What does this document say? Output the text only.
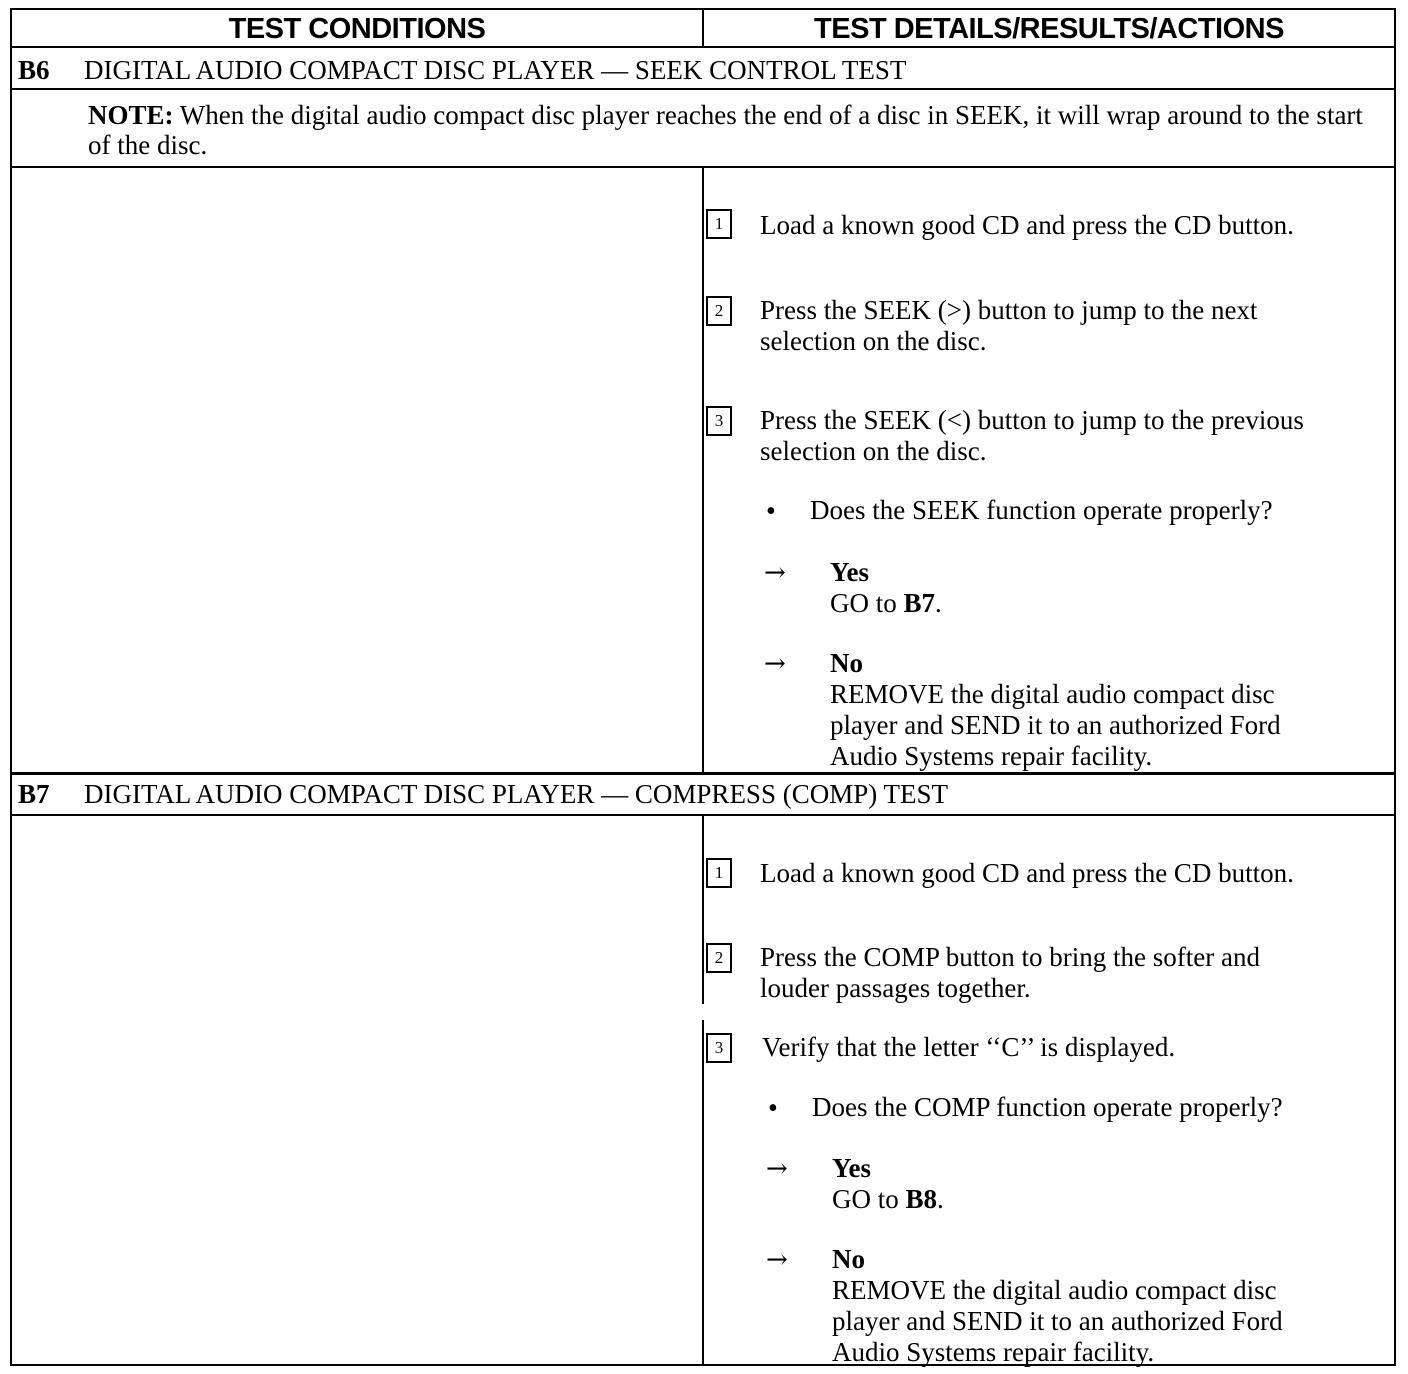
TEST CONDITIONS	TEST DETAILS/RESULTS/ACTIONS
B6 DIGITAL AUDIO COMPACT DISC PLAYER — SEEK CONTROL TEST
NOTE: When the digital audio compact disc player reaches the end of a disc in SEEK, it will wrap around to the start of the disc.
1	Load a known good CD and press the CD button.
2	Press the SEEK (>) button to jump to the next
selection on the disc.
3	Press the SEEK (<) button to jump to the previous
selection on the disc.
• Does the SEEK function operate properly?
→ Yes
GO to B7.
→ No
REMOVE the digital audio compact disc
player and SEND it to an authorized Ford
Audio Systems repair facility.
B7 DIGITAL AUDIO COMPACT DISC PLAYER — COMPRESS (COMP) TEST
1	Load a known good CD and press the CD button.
2	Press the COMP button to bring the softer and
louder passages together.
3	Verify that the letter ‘‘C’’ is displayed.
• Does the COMP function operate properly?
→ Yes
GO to B8.
→ No
REMOVE the digital audio compact disc
player and SEND it to an authorized Ford
Audio Systems repair facility.
